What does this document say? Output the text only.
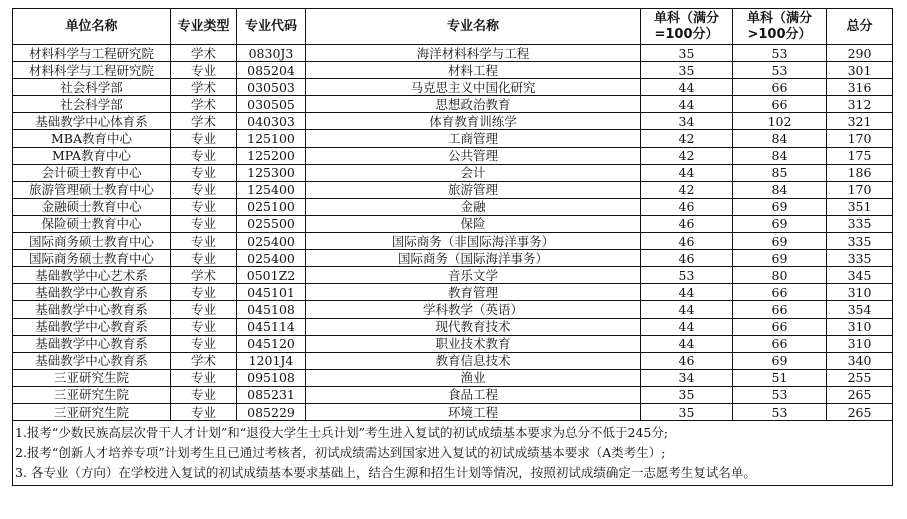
单位名称	专业类型	专业代码	专业名称	单科（满分=100分）	单科（满分>100分）	总分
材料科学与工程研究院	学术	0830J3	海洋材料科学与工程	35	53	290
材料科学与工程研究院	专业	085204	材料工程	35	53	301
社会科学部	学术	030503	马克思主义中国化研究	44	66	316
社会科学部	学术	030505	思想政治教育	44	66	312
基础教学中心体育系	学术	040303	体育教育训练学	34	102	321
MBA教育中心	专业	125100	工商管理	42	84	170
MPA教育中心	专业	125200	公共管理	42	84	175
会计硕士教育中心	专业	125300	会计	44	85	186
旅游管理硕士教育中心	专业	125400	旅游管理	42	84	170
金融硕士教育中心	专业	025100	金融	46	69	351
保险硕士教育中心	专业	025500	保险	46	69	335
国际商务硕士教育中心	专业	025400	国际商务（非国际海洋事务）	46	69	335
国际商务硕士教育中心	专业	025400	国际商务（国际海洋事务）	46	69	335
基础教学中心艺术系	学术	0501Z2	音乐文学	53	80	345
基础教学中心教育系	专业	045101	教育管理	44	66	310
基础教学中心教育系	专业	045108	学科教学（英语）	44	66	354
基础教学中心教育系	专业	045114	现代教育技术	44	66	310
基础教学中心教育系	专业	045120	职业技术教育	44	66	310
基础教学中心教育系	学术	1201J4	教育信息技术	46	69	340
三亚研究生院	专业	095108	渔业	34	51	255
三亚研究生院	专业	085231	食品工程	35	53	265
三亚研究生院	专业	085229	环境工程	35	53	265

1.报考“少数民族高层次骨干人才计划”和“退役大学生士兵计划”考生进入复试的初试成绩基本要求为总分不低于245分;
2.报考“创新人才培养专项”计划考生且已通过考核者，初试成绩需达到国家进入复试的初试成绩基本要求（A类考生）;
3. 各专业（方向）在学校进入复试的初试成绩基本要求基础上，结合生源和招生计划等情况，按照初试成绩确定一志愿考生复试名单。						
